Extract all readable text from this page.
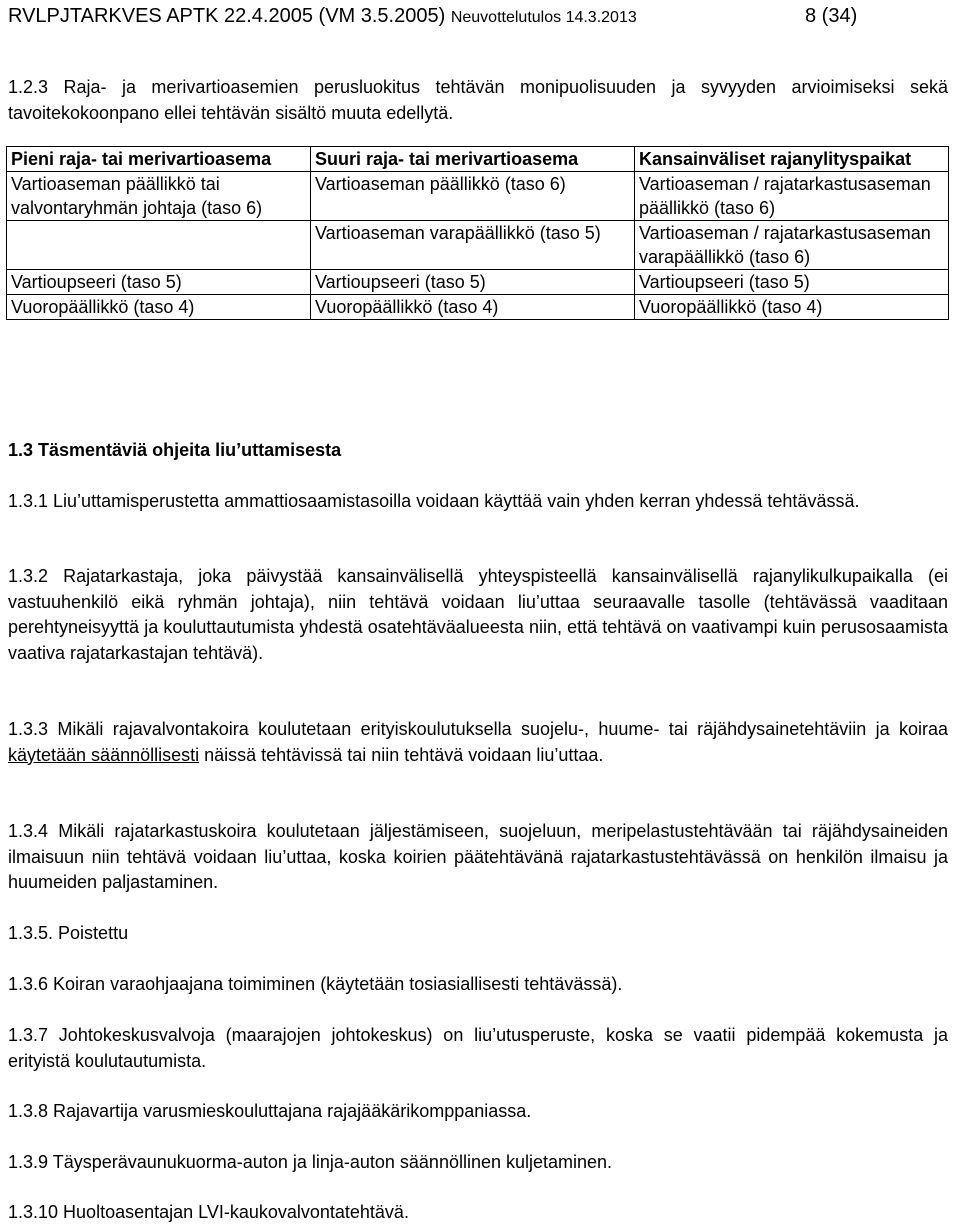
RVLPJTARKVES APTK 22.4.2005 (VM 3.5.2005) Neuvottelutulos 14.3.2013	8 (34)

1.2.3 Raja- ja merivartioasemien perusluokitus tehtävän monipuolisuuden ja syvyyden arvioimiseksi sekä tavoitekokoonpano ellei tehtävän sisältö muuta edellytä.

Pieni raja- tai merivartioasema	Suuri raja- tai merivartioasema	Kansainväliset rajanylityspaikat
Vartioaseman päällikkö tai valvontaryhmän johtaja (taso 6)	Vartioaseman päällikkö (taso 6)	Vartioaseman / rajatarkastusaseman päällikkö (taso 6)
	Vartioaseman varapäällikkö (taso 5)	Vartioaseman / rajatarkastusaseman varapäällikkö (taso 6)
Vartioupseeri (taso 5)	Vartioupseeri (taso 5)	Vartioupseeri (taso 5)
Vuoropäällikkö (taso 4)	Vuoropäällikkö (taso 4)	Vuoropäällikkö (taso 4)
1.3 Täsmentäviä ohjeita liu’uttamisesta

1.3.1 Liu’uttamisperustetta ammattiosaamistasoilla voidaan käyttää vain yhden kerran yhdessä tehtävässä.

1.3.2 Rajatarkastaja, joka päivystää kansainvälisellä yhteyspisteellä kansainvälisellä rajanylikulkupaikalla (ei vastuuhenkilö eikä ryhmän johtaja), niin tehtävä voidaan liu’uttaa seuraavalle tasolle (tehtävässä vaaditaan perehtyneisyyttä ja kouluttautumista yhdestä osatehtäväalueesta niin, että tehtävä on vaativampi kuin perusosaamista vaativa rajatarkastajan tehtävä).

1.3.3 Mikäli rajavalvontakoira koulutetaan erityiskoulutuksella suojelu-, huume- tai räjähdysainetehtäviin ja koiraa käytetään säännöllisesti näissä tehtävissä tai niin tehtävä voidaan liu’uttaa.

1.3.4 Mikäli rajatarkastuskoira koulutetaan jäljestämiseen, suojeluun, meripelastustehtävään tai räjähdysaineiden ilmaisuun niin tehtävä voidaan liu’uttaa, koska koirien päätehtävänä rajatarkastustehtävässä on henkilön ilmaisu ja huumeiden paljastaminen.

1.3.5. Poistettu

1.3.6 Koiran varaohjaajana toimiminen (käytetään tosiasiallisesti tehtävässä).

1.3.7 Johtokeskusvalvoja (maarajojen johtokeskus) on liu’utusperuste, koska se vaatii pidempää kokemusta ja erityistä koulutautumista.

1.3.8 Rajavartija varusmieskouluttajana rajajääkärikomppaniassa.

1.3.9 Täysperävaunukuorma-auton ja linja-auton säännöllinen kuljetaminen.

1.3.10 Huoltoasentajan LVI-kaukovalvontatehtävä.
